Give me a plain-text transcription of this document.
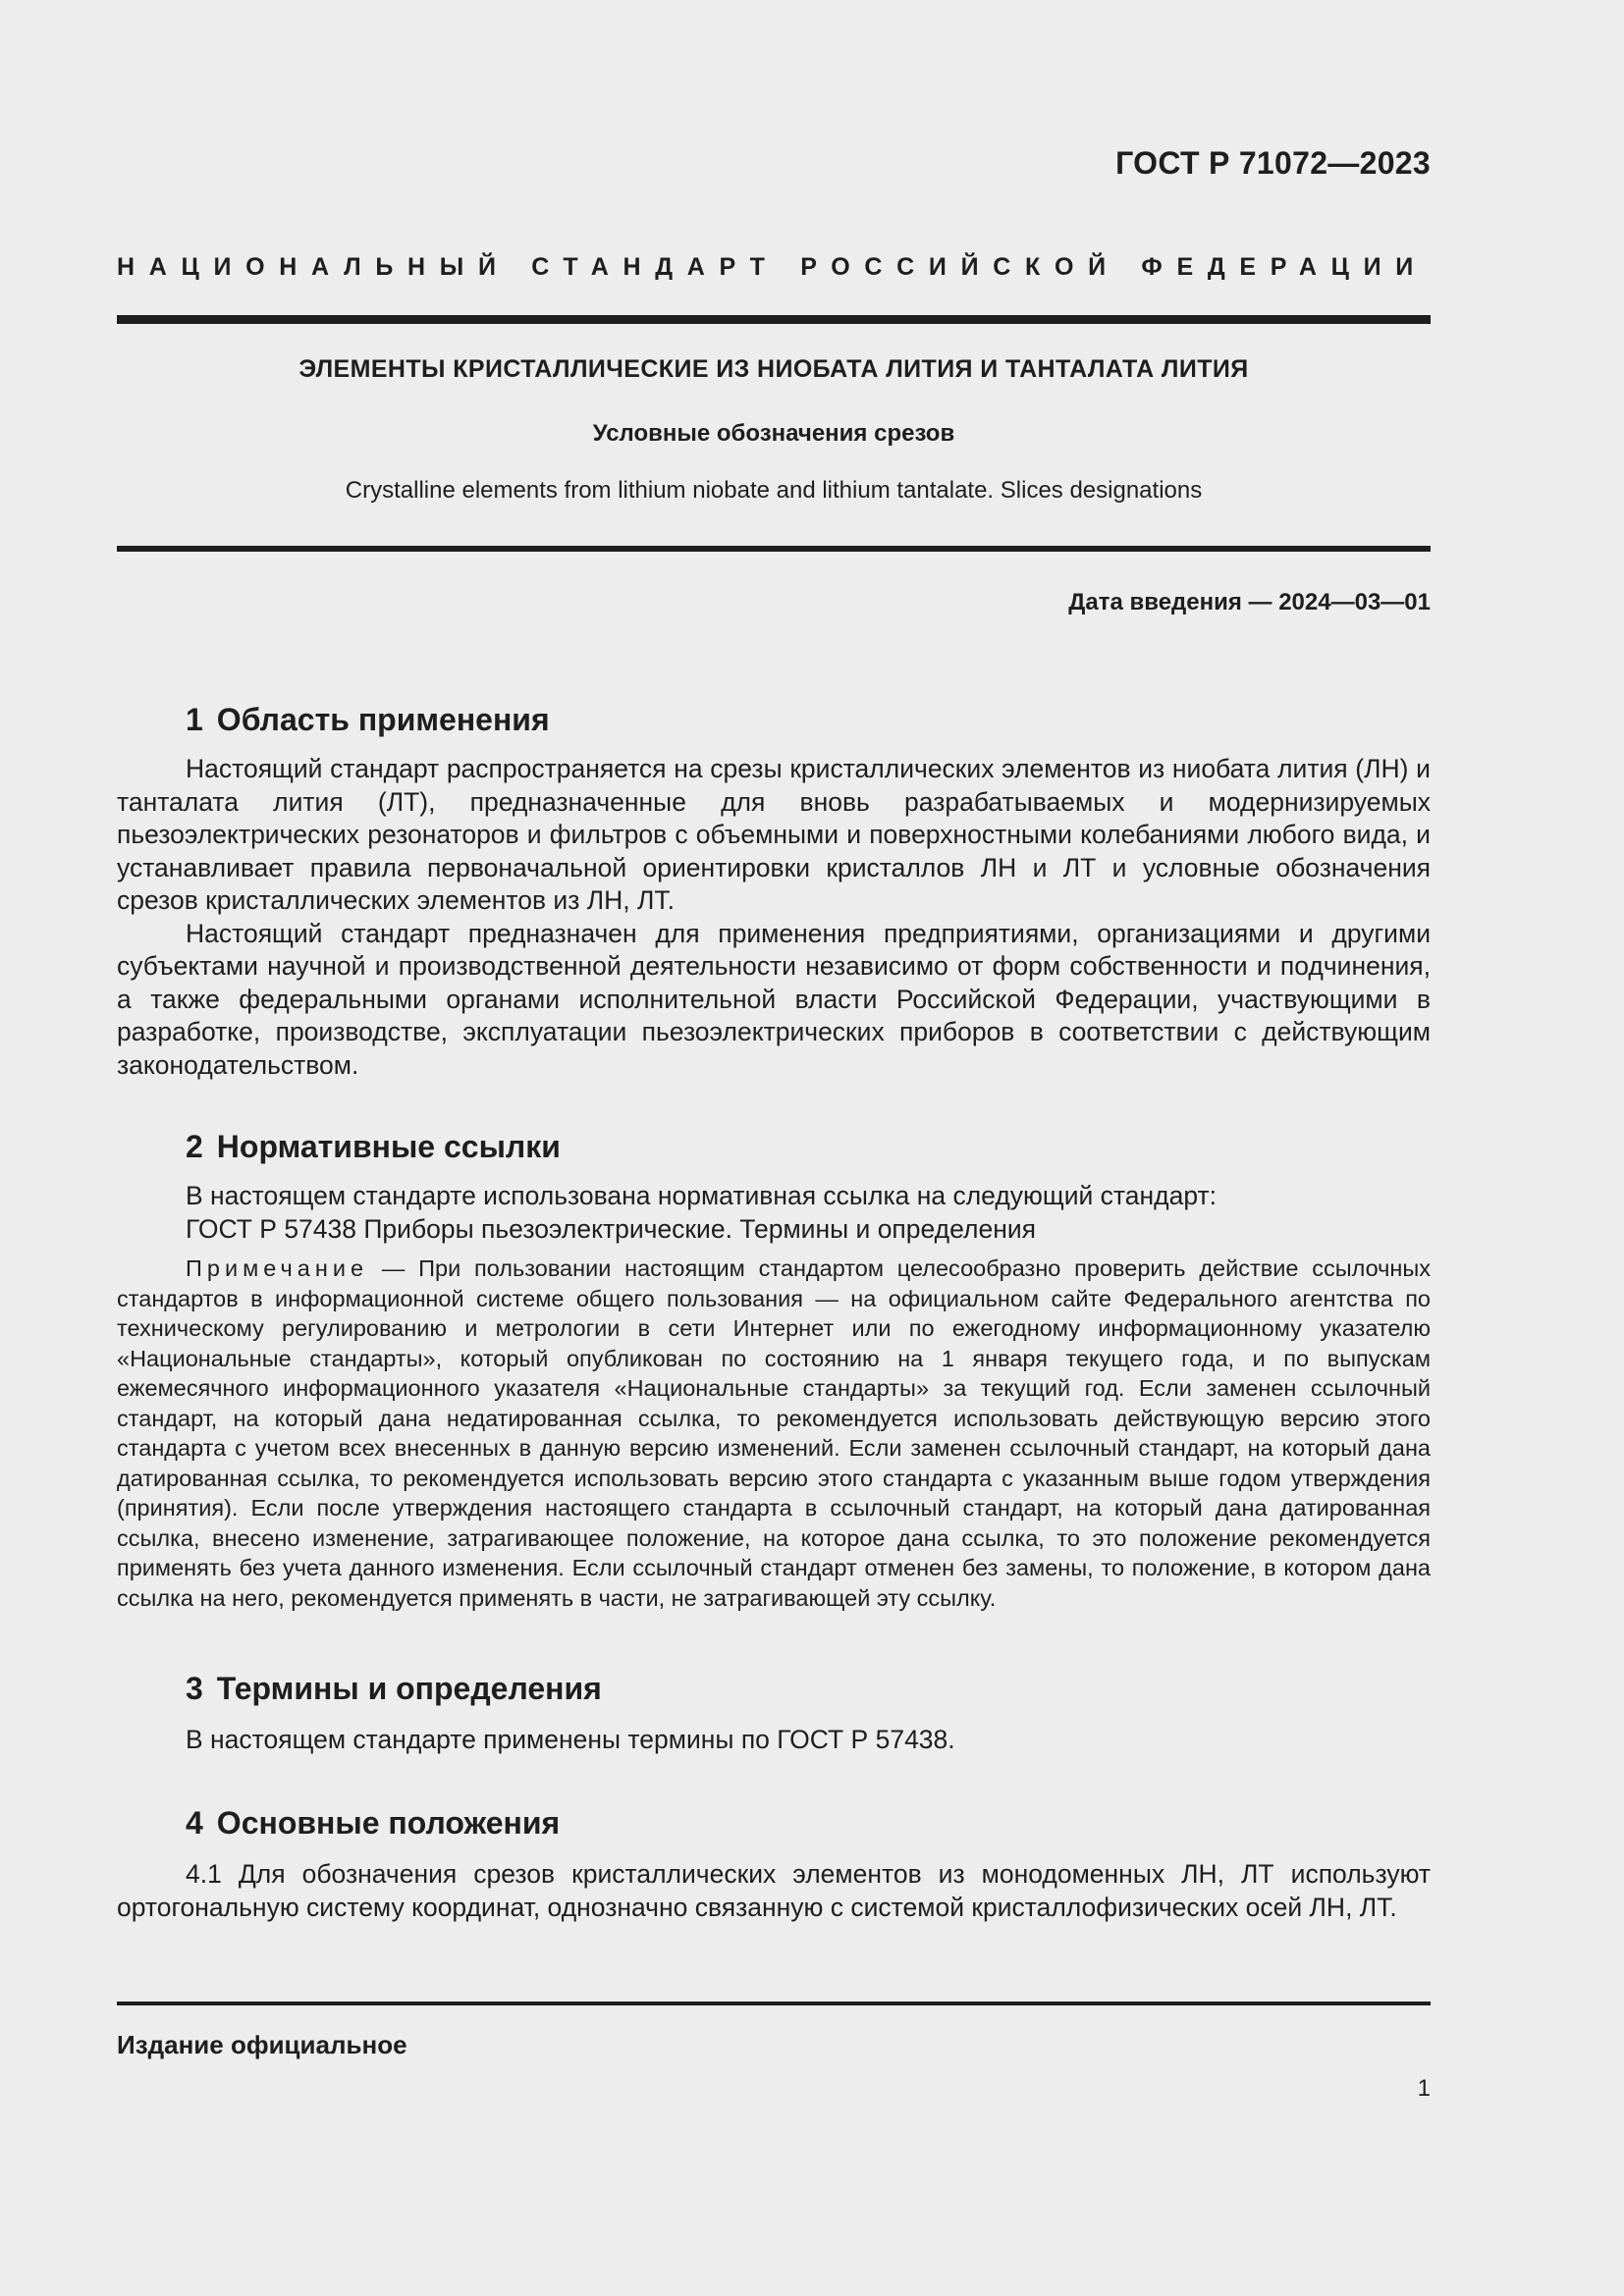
ГОСТ Р 71072—2023

НАЦИОНАЛЬНЫЙ СТАНДАРТ РОССИЙСКОЙ ФЕДЕРАЦИИ

ЭЛЕМЕНТЫ КРИСТАЛЛИЧЕСКИЕ ИЗ НИОБАТА ЛИТИЯ И ТАНТАЛАТА ЛИТИЯ
Условные обозначения срезов

Crystalline elements from lithium niobate and lithium tantalate. Slices designations

Дата введения — 2024—03—01

1 Область применения

Настоящий стандарт распространяется на срезы кристаллических элементов из ниобата лития (ЛН) и танталата лития (ЛТ), предназначенные для вновь разрабатываемых и модернизируемых пьезоэлектрических резонаторов и фильтров с объемными и поверхностными колебаниями любого вида, и устанавливает правила первоначальной ориентировки кристаллов ЛН и ЛТ и условные обозначения срезов кристаллических элементов из ЛН, ЛТ.

Настоящий стандарт предназначен для применения предприятиями, организациями и другими субъектами научной и производственной деятельности независимо от форм собственности и подчинения, а также федеральными органами исполнительной власти Российской Федерации, участвующими в разработке, производстве, эксплуатации пьезоэлектрических приборов в соответствии с действующим законодательством.

2 Нормативные ссылки

В настоящем стандарте использована нормативная ссылка на следующий стандарт:

ГОСТ Р 57438 Приборы пьезоэлектрические. Термины и определения

Примечание — При пользовании настоящим стандартом целесообразно проверить действие ссылочных стандартов в информационной системе общего пользования — на официальном сайте Федерального агентства по техническому регулированию и метрологии в сети Интернет или по ежегодному информационному указателю «Национальные стандарты», который опубликован по состоянию на 1 января текущего года, и по выпускам ежемесячного информационного указателя «Национальные стандарты» за текущий год. Если заменен ссылочный стандарт, на который дана недатированная ссылка, то рекомендуется использовать действующую версию этого стандарта с учетом всех внесенных в данную версию изменений. Если заменен ссылочный стандарт, на который дана датированная ссылка, то рекомендуется использовать версию этого стандарта с указанным выше годом утверждения (принятия). Если после утверждения настоящего стандарта в ссылочный стандарт, на который дана датированная ссылка, внесено изменение, затрагивающее положение, на которое дана ссылка, то это положение рекомендуется применять без учета данного изменения. Если ссылочный стандарт отменен без замены, то положение, в котором дана ссылка на него, рекомендуется применять в части, не затрагивающей эту ссылку.

3 Термины и определения

В настоящем стандарте применены термины по ГОСТ Р 57438.

4 Основные положения

4.1 Для обозначения срезов кристаллических элементов из монодоменных ЛН, ЛТ используют ортогональную систему координат, однозначно связанную с системой кристаллофизических осей ЛН, ЛТ.

Издание официальное

1
